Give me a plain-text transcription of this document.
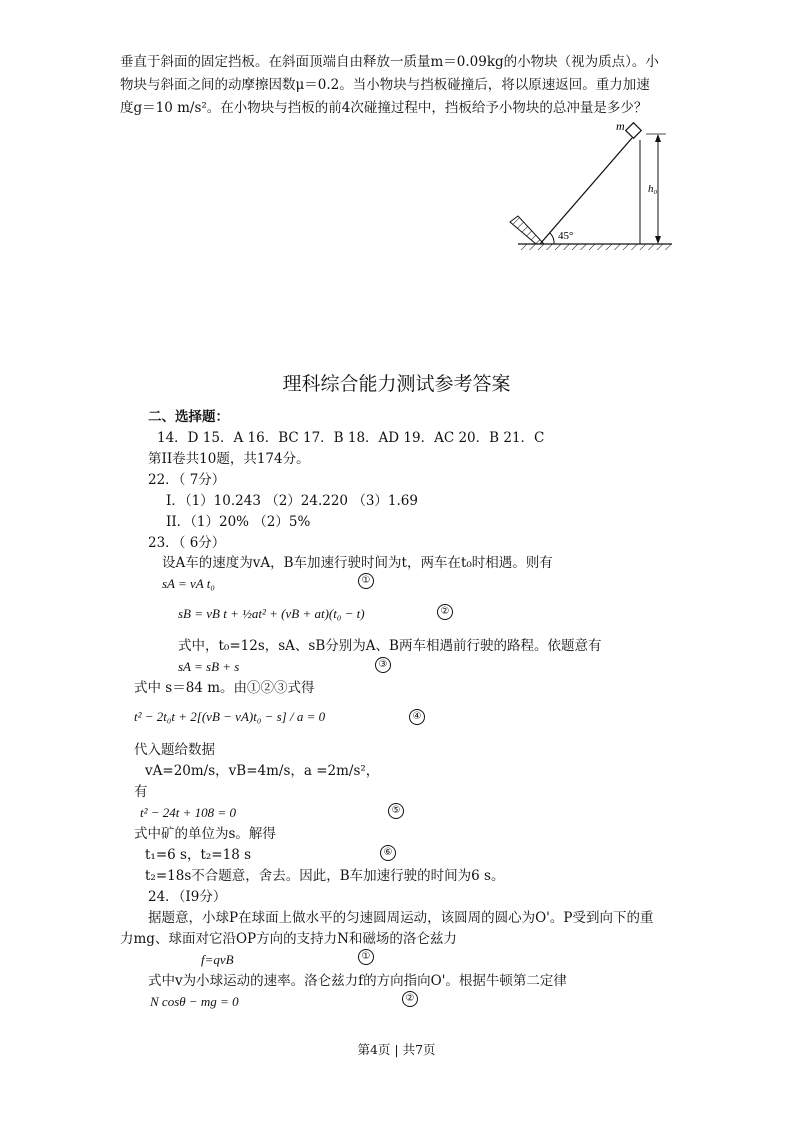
垂直于斜面的固定挡板。在斜面顶端自由释放一质量m＝0.09kg的小物块（视为质点）。小
物块与斜面之间的动摩擦因数μ＝0.2。当小物块与挡板碰撞后，将以原速返回。重力加速
度g＝10 m/s²。在小物块与挡板的前4次碰撞过程中，挡板给予小物块的总冲量是多少？
m
h₀
45°
理科综合能力测试参考答案
二、选择题：
14．D 15．A 16．BC 17．B 18．AD 19．AC 20．B 21．C
第II卷共10题，共174分。
22．（ 7分）
I．（1）10.243 （2）24.220 （3）1.69
II．（1）20% （2）5%
23．（ 6分）
设A车的速度为vA，B车加速行驶时间为t，两车在t₀时相遇。则有
sA = vA t₀	①
sB = vB t + ½at² + (vB + at)(t₀ − t)	②
式中，t₀=12s，sA、sB分别为A、B两车相遇前行驶的路程。依题意有
sA = sB + s	③
式中 s＝84 m。由①②③式得
t² − 2t₀t + 2[(vB − vA)t₀ − s] / a = 0	④
代入题给数据
vA=20m/s，vB=4m/s，a =2m/s²，
有
t² − 24t + 108 = 0	⑤
式中矿的单位为s。解得
t₁=6 s，t₂=18 s	⑥
t₂=18s不合题意，舍去。因此，B车加速行驶的时间为6 s。
24．（I9分）
据题意，小球P在球面上做水平的匀速圆周运动，该圆周的圆心为O'。P受到向下的重
力mg、球面对它沿OP方向的支持力N和磁场的洛仑兹力
f=qvB	①
式中v为小球运动的速率。洛仑兹力f的方向指向O'。根据牛顿第二定律
N cosθ − mg = 0	②
第4页 | 共7页
